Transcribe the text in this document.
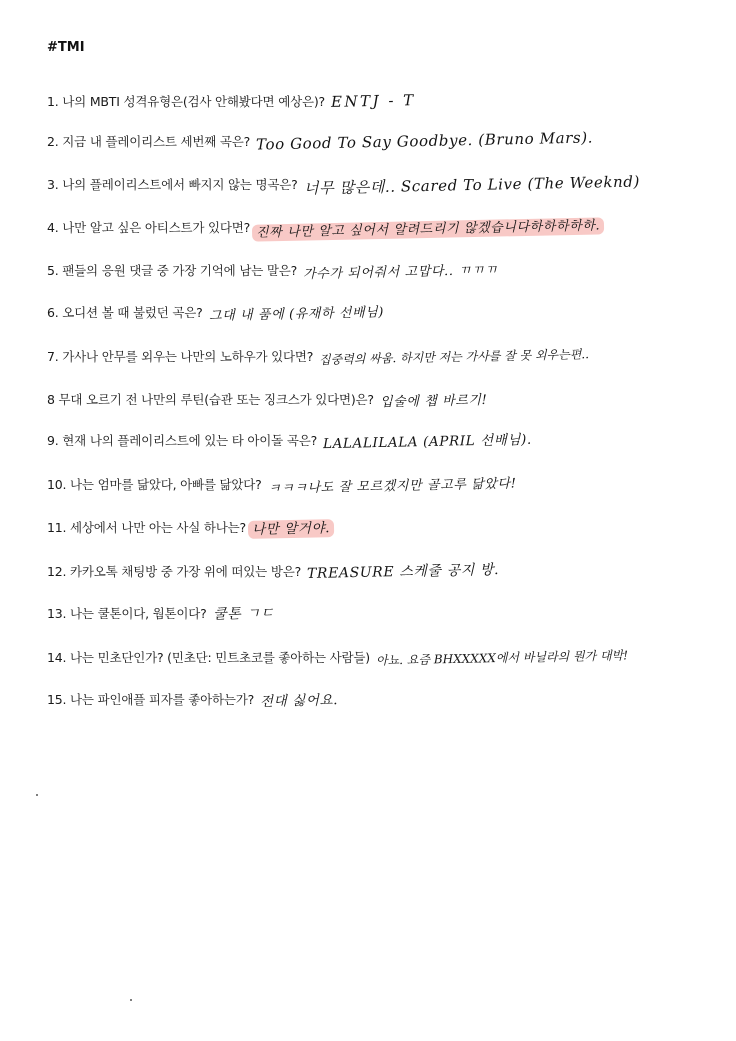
#TMI
1. 나의 MBTI 성격유형은(검사 안해봤다면 예상은)? ENTJ - T
2. 지금 내 플레이리스트 세번째 곡은? Too Good To Say Goodbye. (Bruno Mars).
3. 나의 플레이리스트에서 빠지지 않는 명곡은? 너무 많은데.. Scared To Live (The Weeknd)
4. 나만 알고 싶은 아티스트가 있다면? 진짜 나만 알고 싶어서 알려드리기 않겠습니다하하하하하.
5. 팬들의 응원 댓글 중 가장 기억에 남는 말은? 가수가 되어줘서 고맙다.. ㄲㄲㄲ
6. 오디션 볼 때 불렀던 곡은? 그대 내 품에 (유재하 선배님)
7. 가사나 안무를 외우는 나만의 노하우가 있다면? 집중력의 싸움. 하지만 저는 가사를 잘 못 외우는편..
8 무대 오르기 전 나만의 루틴(습관 또는 징크스가 있다면)은? 입술에 챕 바르기!
9. 현재 나의 플레이리스트에 있는 타 아이돌 곡은? LALALILALA (APRIL 선배님).
10. 나는 엄마를 닮았다, 아빠를 닮았다? ㅋㅋㅋ나도 잘 모르겠지만 골고루 닮았다!
11. 세상에서 나만 아는 사실 하나는? 나만 알거야.
12. 카카오톡 채팅방 중 가장 위에 떠있는 방은? TREASURE 스케줄 공지 방.
13. 나는 쿨톤이다, 웜톤이다? 쿨톤 ㄱㄷ
14. 나는 민초단인가? (민초단: 민트초코를 좋아하는 사람들) 아뇨. 요즘 BHXXXXX에서 바닐라의 뭔가 대박!
15. 나는 파인애플 피자를 좋아하는가? 전대 싫어요.
